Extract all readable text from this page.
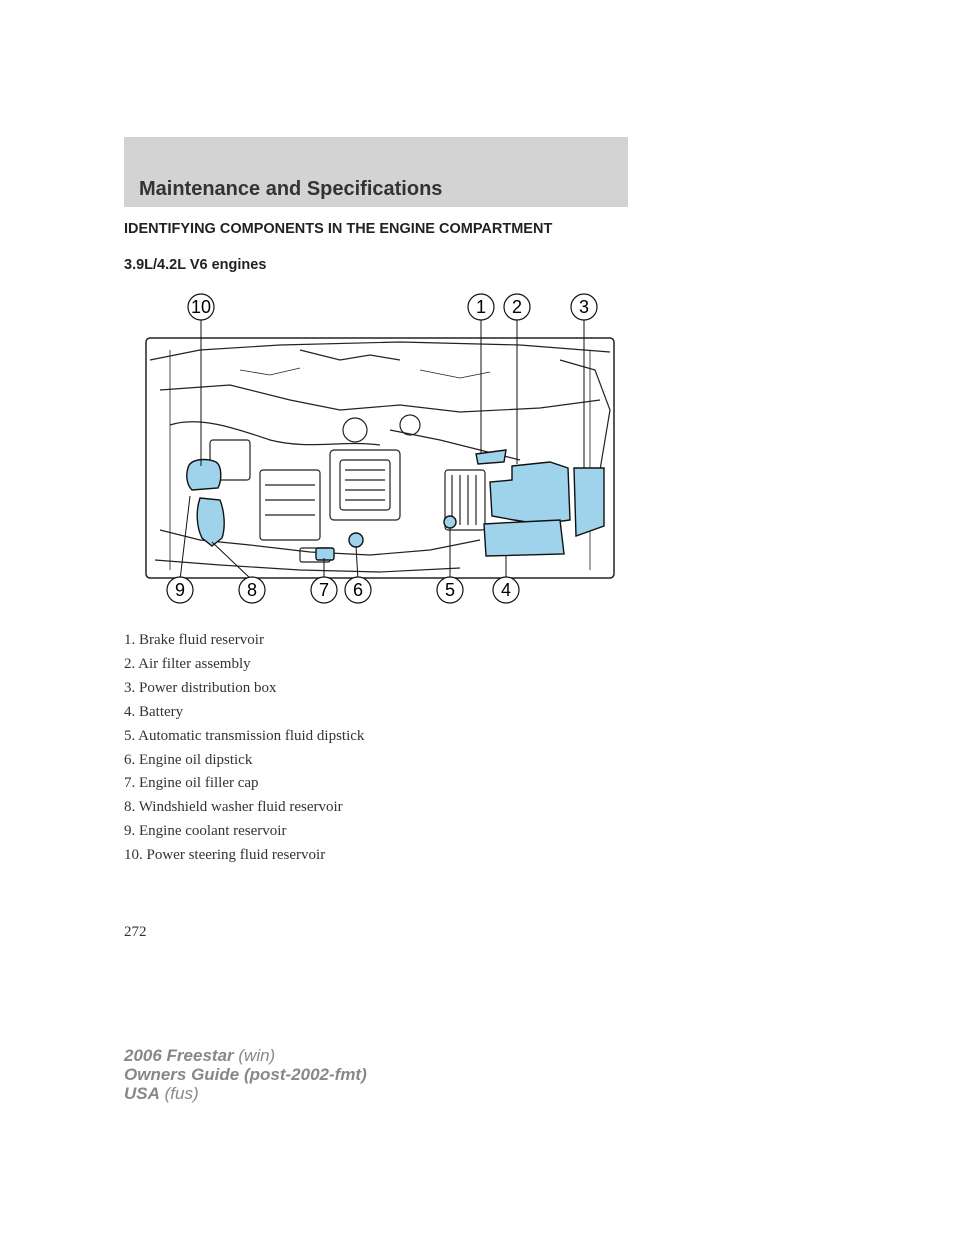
Maintenance and Specifications
IDENTIFYING COMPONENTS IN THE ENGINE COMPARTMENT
3.9L/4.2L V6 engines
10	1 2	3
9	8	7 6	5	4
1. Brake fluid reservoir
2. Air filter assembly
3. Power distribution box
4. Battery
5. Automatic transmission fluid dipstick
6. Engine oil dipstick
7. Engine oil filler cap
8. Windshield washer fluid reservoir
9. Engine coolant reservoir
10. Power steering fluid reservoir
272
2006 Freestar (win)
Owners Guide (post-2002-fmt)
USA (fus)
